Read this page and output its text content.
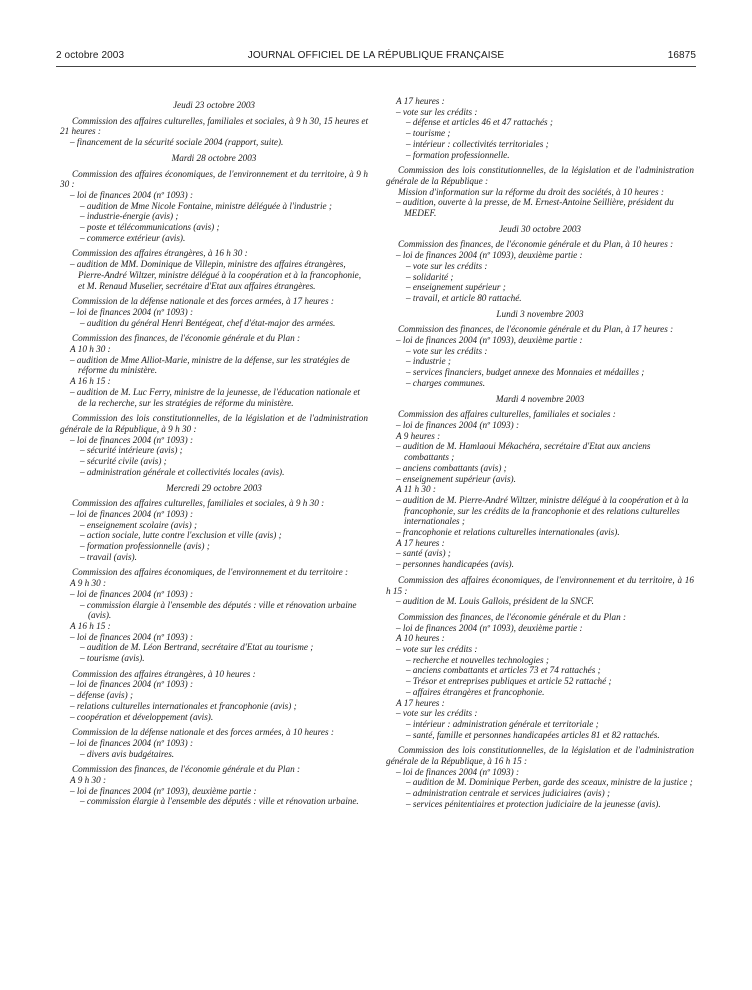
2 octobre 2003	JOURNAL OFFICIEL DE LA RÉPUBLIQUE FRANÇAISE	16875
Jeudi 23 octobre 2003
Commission des affaires culturelles, familiales et sociales, à 9 h 30, 15 heures et 21 heures :
– financement de la sécurité sociale 2004 (rapport, suite).
Mardi 28 octobre 2003
Commission des affaires économiques, de l'environnement et du territoire, à 9 h 30 :
– loi de finances 2004 (nº 1093) :
– audition de Mme Nicole Fontaine, ministre déléguée à l'industrie ;
– industrie-énergie (avis) ;
– poste et télécommunications (avis) ;
– commerce extérieur (avis).
Commission des affaires étrangères, à 16 h 30 :
– audition de MM. Dominique de Villepin, ministre des affaires étrangères, Pierre-André Wiltzer, ministre délégué à la coopération et à la francophonie, et M. Renaud Muselier, secrétaire d'Etat aux affaires étrangères.
Commission de la défense nationale et des forces armées, à 17 heures :
– loi de finances 2004 (nº 1093) :
– audition du général Henri Bentégeat, chef d'état-major des armées.
Commission des finances, de l'économie générale et du Plan :
A 10 h 30 :
– audition de Mme Alliot-Marie, ministre de la défense, sur les stratégies de réforme du ministère.
A 16 h 15 :
– audition de M. Luc Ferry, ministre de la jeunesse, de l'éducation nationale et de la recherche, sur les stratégies de réforme du ministère.
Commission des lois constitutionnelles, de la législation et de l'administration générale de la République, à 9 h 30 :
– loi de finances 2004 (nº 1093) :
– sécurité intérieure (avis) ;
– sécurité civile (avis) ;
– administration générale et collectivités locales (avis).
Mercredi 29 octobre 2003
Commission des affaires culturelles, familiales et sociales, à 9 h 30 :
– loi de finances 2004 (nº 1093) :
– enseignement scolaire (avis) ;
– action sociale, lutte contre l'exclusion et ville (avis) ;
– formation professionnelle (avis) ;
– travail (avis).
Commission des affaires économiques, de l'environnement et du territoire :
A 9 h 30 :
– loi de finances 2004 (nº 1093) :
– commission élargie à l'ensemble des députés : ville et rénovation urbaine (avis).
A 16 h 15 :
– loi de finances 2004 (nº 1093) :
– audition de M. Léon Bertrand, secrétaire d'Etat au tourisme ;
– tourisme (avis).
Commission des affaires étrangères, à 10 heures :
– loi de finances 2004 (nº 1093) :
– défense (avis) ;
– relations culturelles internationales et francophonie (avis) ;
– coopération et développement (avis).
Commission de la défense nationale et des forces armées, à 10 heures :
– loi de finances 2004 (nº 1093) :
– divers avis budgétaires.
Commission des finances, de l'économie générale et du Plan :
A 9 h 30 :
– loi de finances 2004 (nº 1093), deuxième partie :
– commission élargie à l'ensemble des députés : ville et rénovation urbaine.
A 17 heures :
– vote sur les crédits :
– défense et articles 46 et 47 rattachés ;
– tourisme ;
– intérieur : collectivités territoriales ;
– formation professionnelle.
Commission des lois constitutionnelles, de la législation et de l'administration générale de la République :
Mission d'information sur la réforme du droit des sociétés, à 10 heures :
– audition, ouverte à la presse, de M. Ernest-Antoine Seillière, président du MEDEF.
Jeudi 30 octobre 2003
Commission des finances, de l'économie générale et du Plan, à 10 heures :
– loi de finances 2004 (nº 1093), deuxième partie :
– vote sur les crédits :
– solidarité ;
– enseignement supérieur ;
– travail, et article 80 rattaché.
Lundi 3 novembre 2003
Commission des finances, de l'économie générale et du Plan, à 17 heures :
– loi de finances 2004 (nº 1093), deuxième partie :
– vote sur les crédits :
– industrie ;
– services financiers, budget annexe des Monnaies et médailles ;
– charges communes.
Mardi 4 novembre 2003
Commission des affaires culturelles, familiales et sociales :
– loi de finances 2004 (nº 1093) :
A 9 heures :
– audition de M. Hamlaoui Mékachéra, secrétaire d'Etat aux anciens combattants ;
– anciens combattants (avis) ;
– enseignement supérieur (avis).
A 11 h 30 :
– audition de M. Pierre-André Wiltzer, ministre délégué à la coopération et à la francophonie, sur les crédits de la francophonie et des relations culturelles internationales ;
– francophonie et relations culturelles internationales (avis).
A 17 heures :
– santé (avis) ;
– personnes handicapées (avis).
Commission des affaires économiques, de l'environnement et du territoire, à 16 h 15 :
– audition de M. Louis Gallois, président de la SNCF.
Commission des finances, de l'économie générale et du Plan :
– loi de finances 2004 (nº 1093), deuxième partie :
A 10 heures :
– vote sur les crédits :
– recherche et nouvelles technologies ;
– anciens combattants et articles 73 et 74 rattachés ;
– Trésor et entreprises publiques et article 52 rattaché ;
– affaires étrangères et francophonie.
A 17 heures :
– vote sur les crédits :
– intérieur : administration générale et territoriale ;
– santé, famille et personnes handicapées articles 81 et 82 rattachés.
Commission des lois constitutionnelles, de la législation et de l'administration générale de la République, à 16 h 15 :
– loi de finances 2004 (nº 1093) :
– audition de M. Dominique Perben, garde des sceaux, ministre de la justice ;
– administration centrale et services judiciaires (avis) ;
– services pénitentiaires et protection judiciaire de la jeunesse (avis).
